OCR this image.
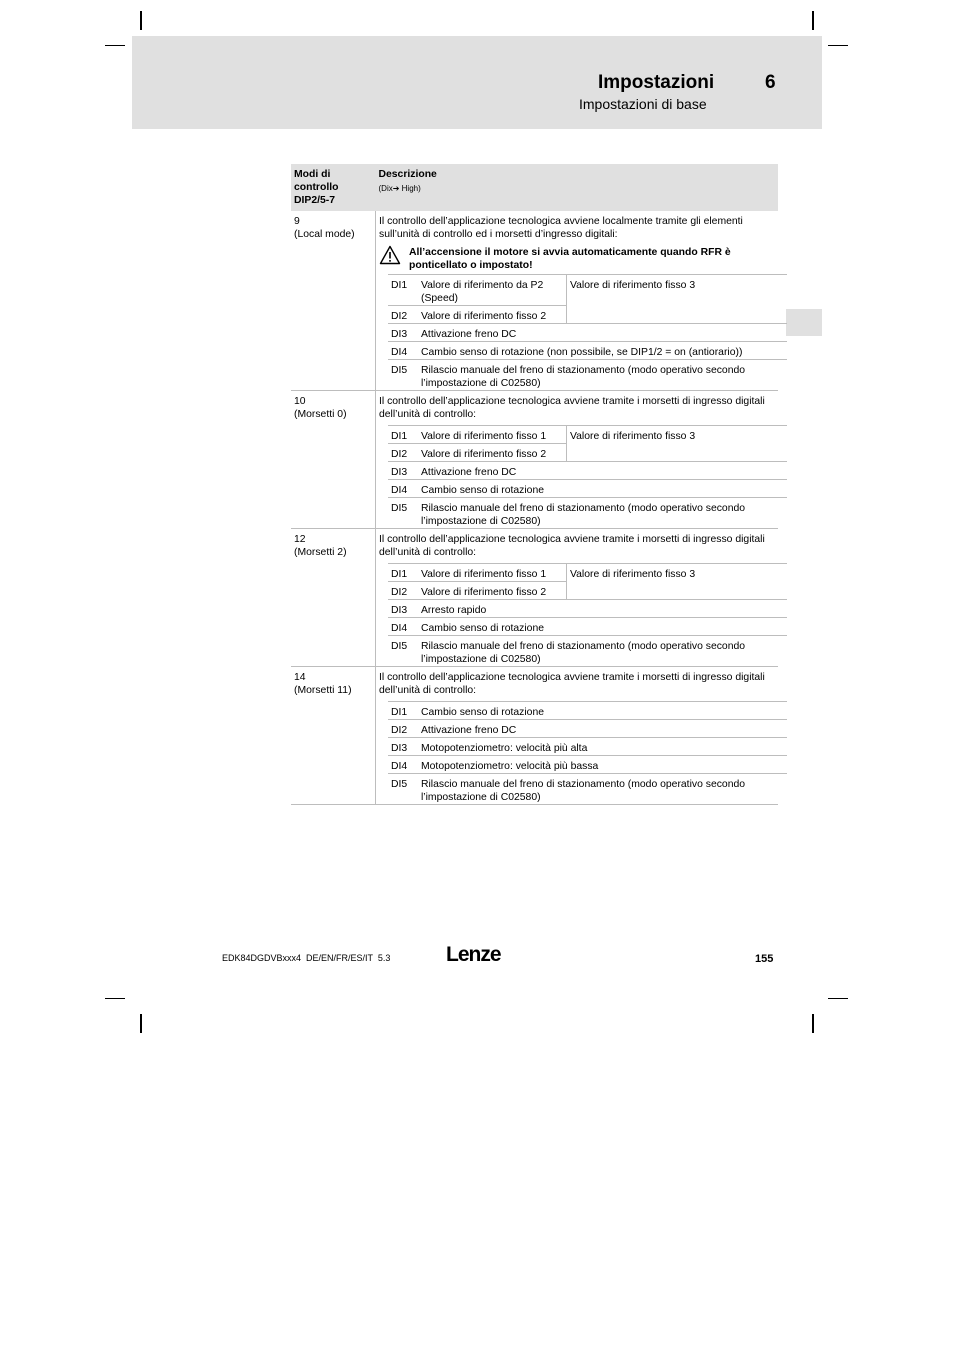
Impostazioni	6
Impostazioni di base
Modi di controllo DIP2/5-7
	Descrizione
(Dix➔ High)

9
(Local mode)

Il controllo dell’applicazione tecnologica avviene localmente tramite gli elementi sull’unità di controllo ed i morsetti d’ingresso digitali:
All’accensione il motore si avvia automaticamente quando RFR è ponticellato o impostato!
DI1	Valore di riferimento da P2 (Speed)	Valore di riferimento fisso 3
DI2	Valore di riferimento fisso 2
DI3	Attivazione freno DC
DI4	Cambio senso di rotazione (non possibile, se DIP1/2 = on (antiorario))
DI5	Rilascio manuale del freno di stazionamento (modo operativo secondo l’impostazione di C02580)

10
(Morsetti 0)

Il controllo dell’applicazione tecnologica avviene tramite i morsetti di ingresso digitali dell’unità di controllo:
DI1	Valore di riferimento fisso 1	Valore di riferimento fisso 3
DI2	Valore di riferimento fisso 2
DI3	Attivazione freno DC
DI4	Cambio senso di rotazione
DI5	Rilascio manuale del freno di stazionamento (modo operativo secondo l’impostazione di C02580)

12
(Morsetti 2)

Il controllo dell’applicazione tecnologica avviene tramite i morsetti di ingresso digitali dell’unità di controllo:
DI1	Valore di riferimento fisso 1	Valore di riferimento fisso 3
DI2	Valore di riferimento fisso 2
DI3	Arresto rapido
DI4	Cambio senso di rotazione
DI5	Rilascio manuale del freno di stazionamento (modo operativo secondo l’impostazione di C02580)

14
(Morsetti 11)

Il controllo dell’applicazione tecnologica avviene tramite i morsetti di ingresso digitali dell’unità di controllo:
DI1	Cambio senso di rotazione
DI2	Attivazione freno DC
DI3	Motopotenziometro: velocità più alta
DI4	Motopotenziometro: velocità più bassa
DI5	Rilascio manuale del freno di stazionamento (modo operativo secondo l’impostazione di C02580)
EDK84DGDVBxxx4  DE/EN/FR/ES/IT  5.3	Lenze	155
